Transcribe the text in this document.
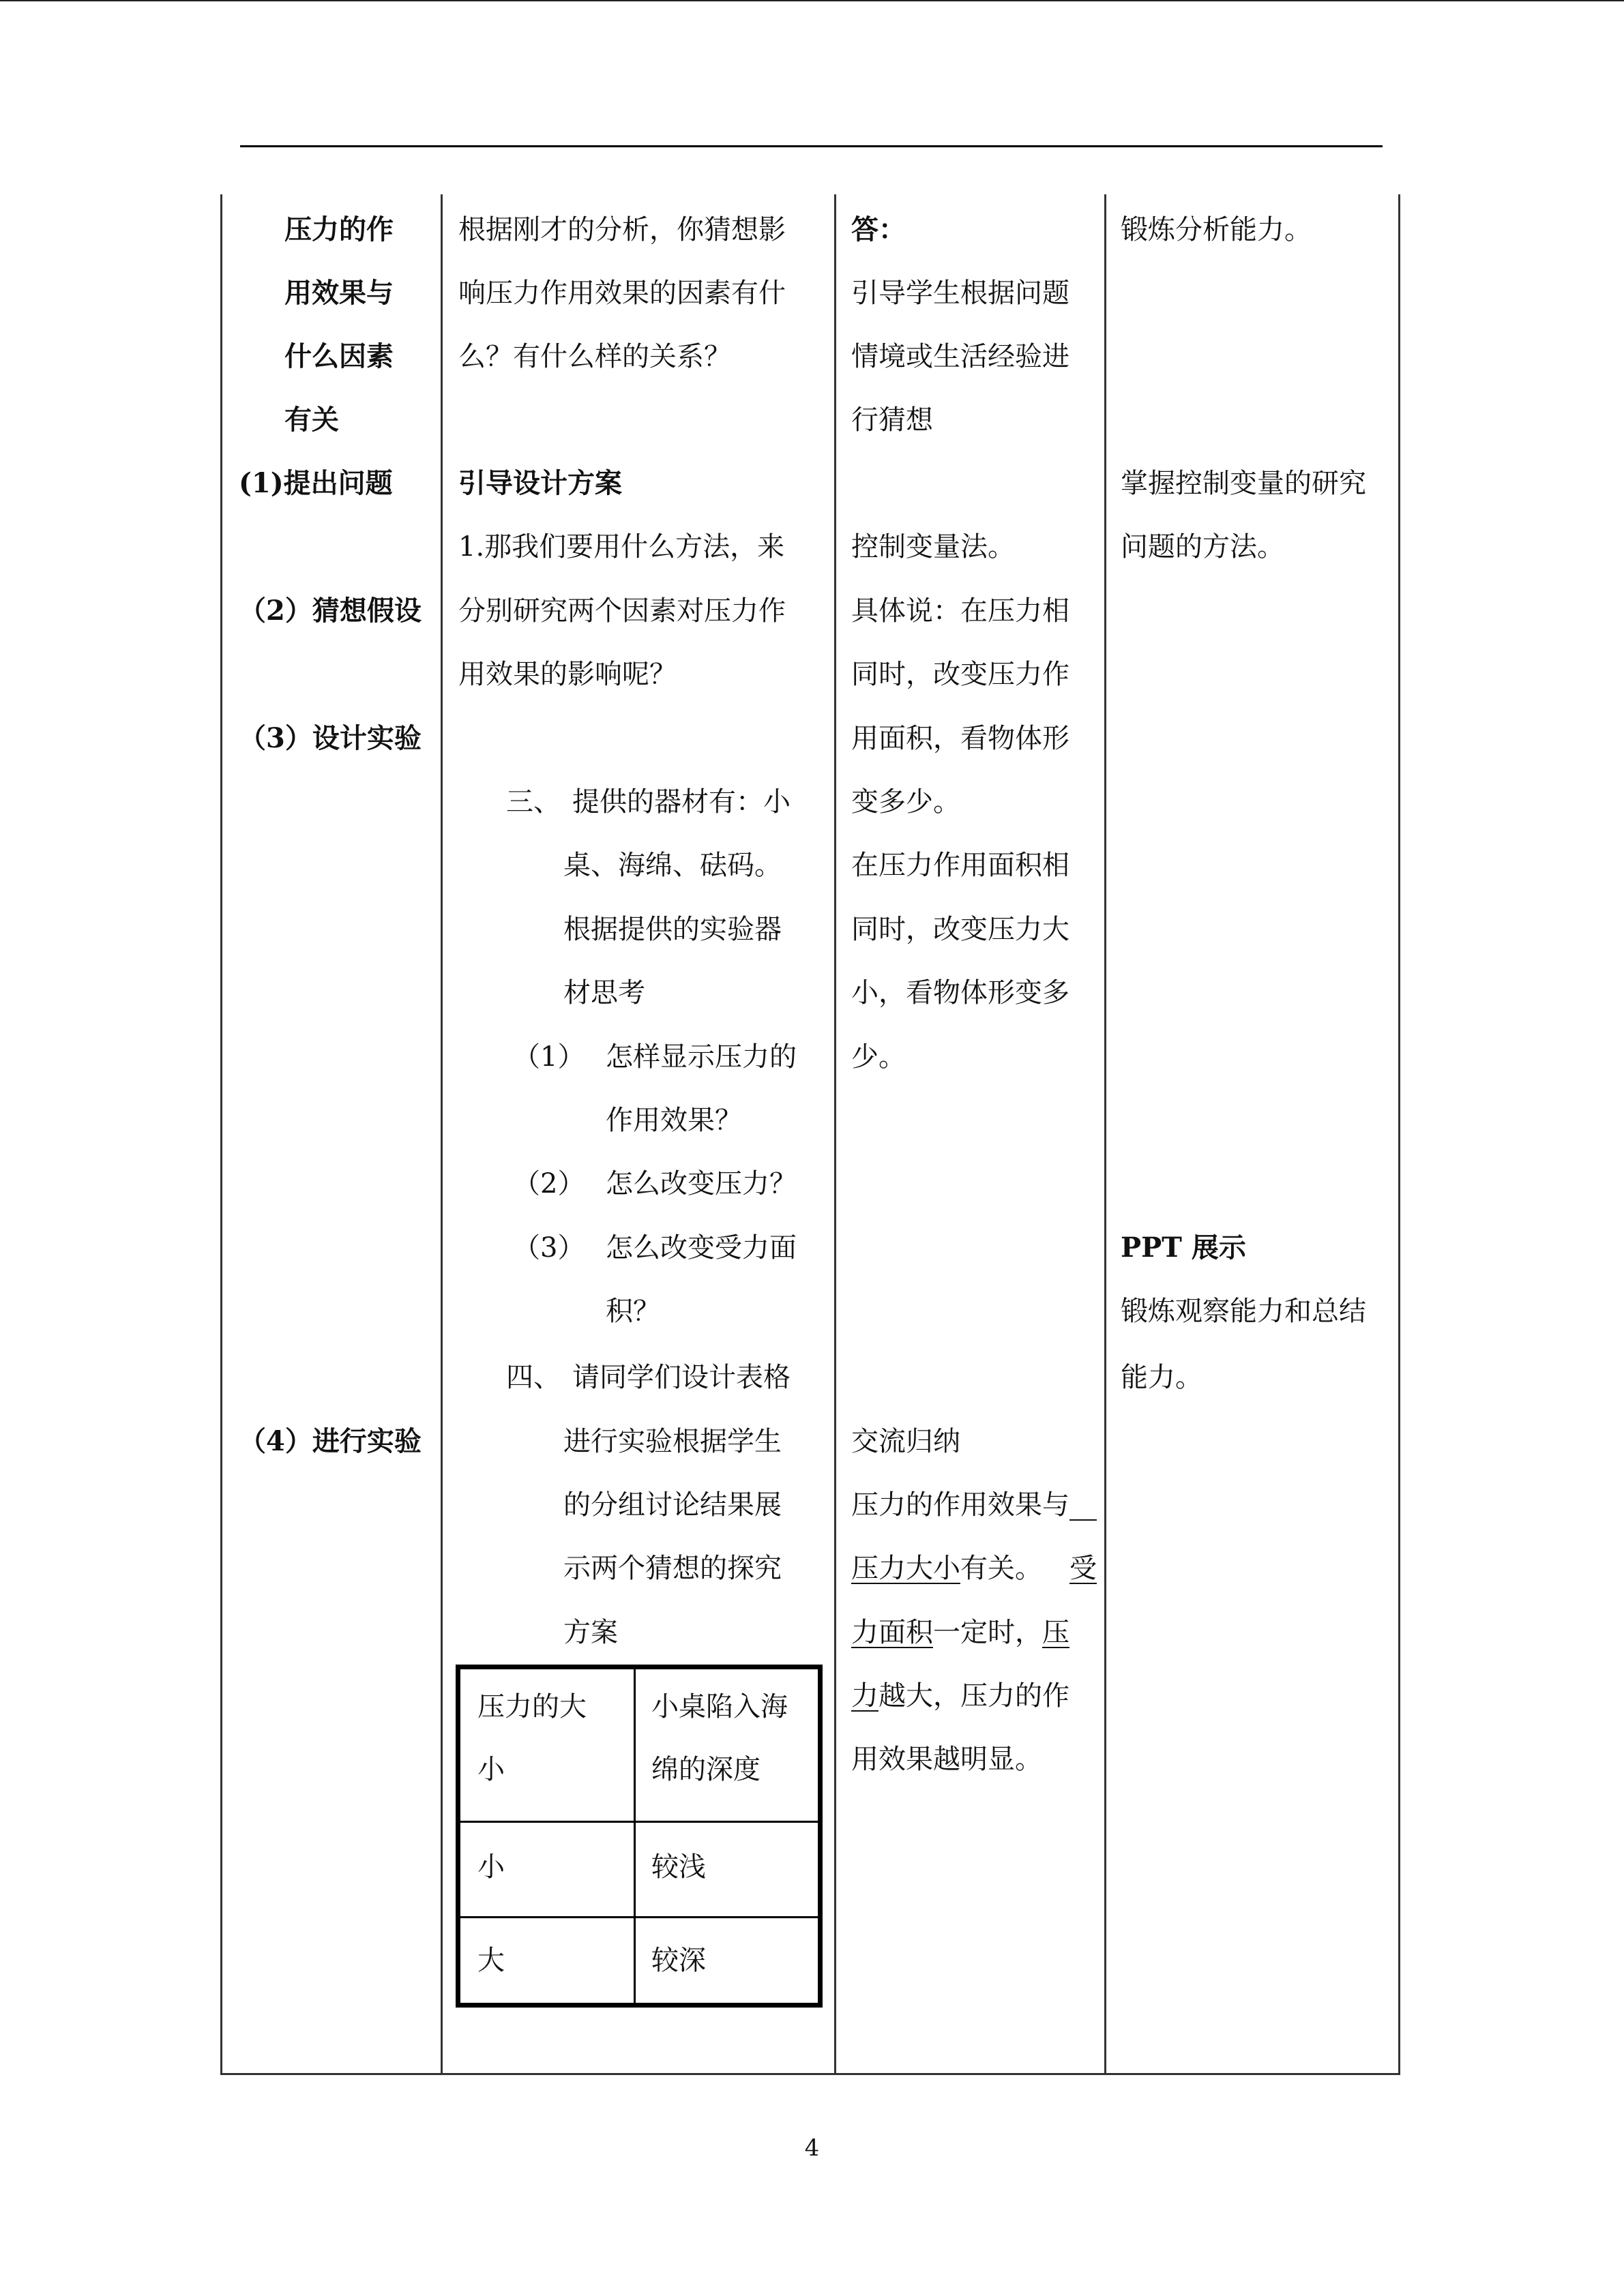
压力的作
用效果与
什么因素
有关
(1)提出问题
（2）猜想假设
（3）设计实验
（4）进行实验
根据刚才的分析，你猜想影
响压力作用效果的因素有什
么？有什么样的关系？
引导设计方案
1.那我们要用什么方法，来
分别研究两个因素对压力作
用效果的影响呢？
三、 提供的器材有：小
桌、海绵、砝码。
根据提供的实验器
材思考
（1） 怎样显示压力的
作用效果？
（2） 怎么改变压力？
（3） 怎么改变受力面
积？
四、 请同学们设计表格
进行实验根据学生
的分组讨论结果展
示两个猜想的探究
方案
压力的大
小
小桌陷入海
绵的深度
小	较浅
大	较深
答：
引导学生根据问题
情境或生活经验进
行猜想
控制变量法。
具体说：在压力相
同时，改变压力作
用面积，看物体形
变多少。
在压力作用面积相
同时，改变压力大
小，看物体形变多
少。
交流归纳
压力的作用效果与 
压力大小有关。  受
力面积一定时，压
力越大，压力的作
用效果越明显。
锻炼分析能力。
掌握控制变量的研究
问题的方法。
PPT 展示
锻炼观察能力和总结
能力。
4
